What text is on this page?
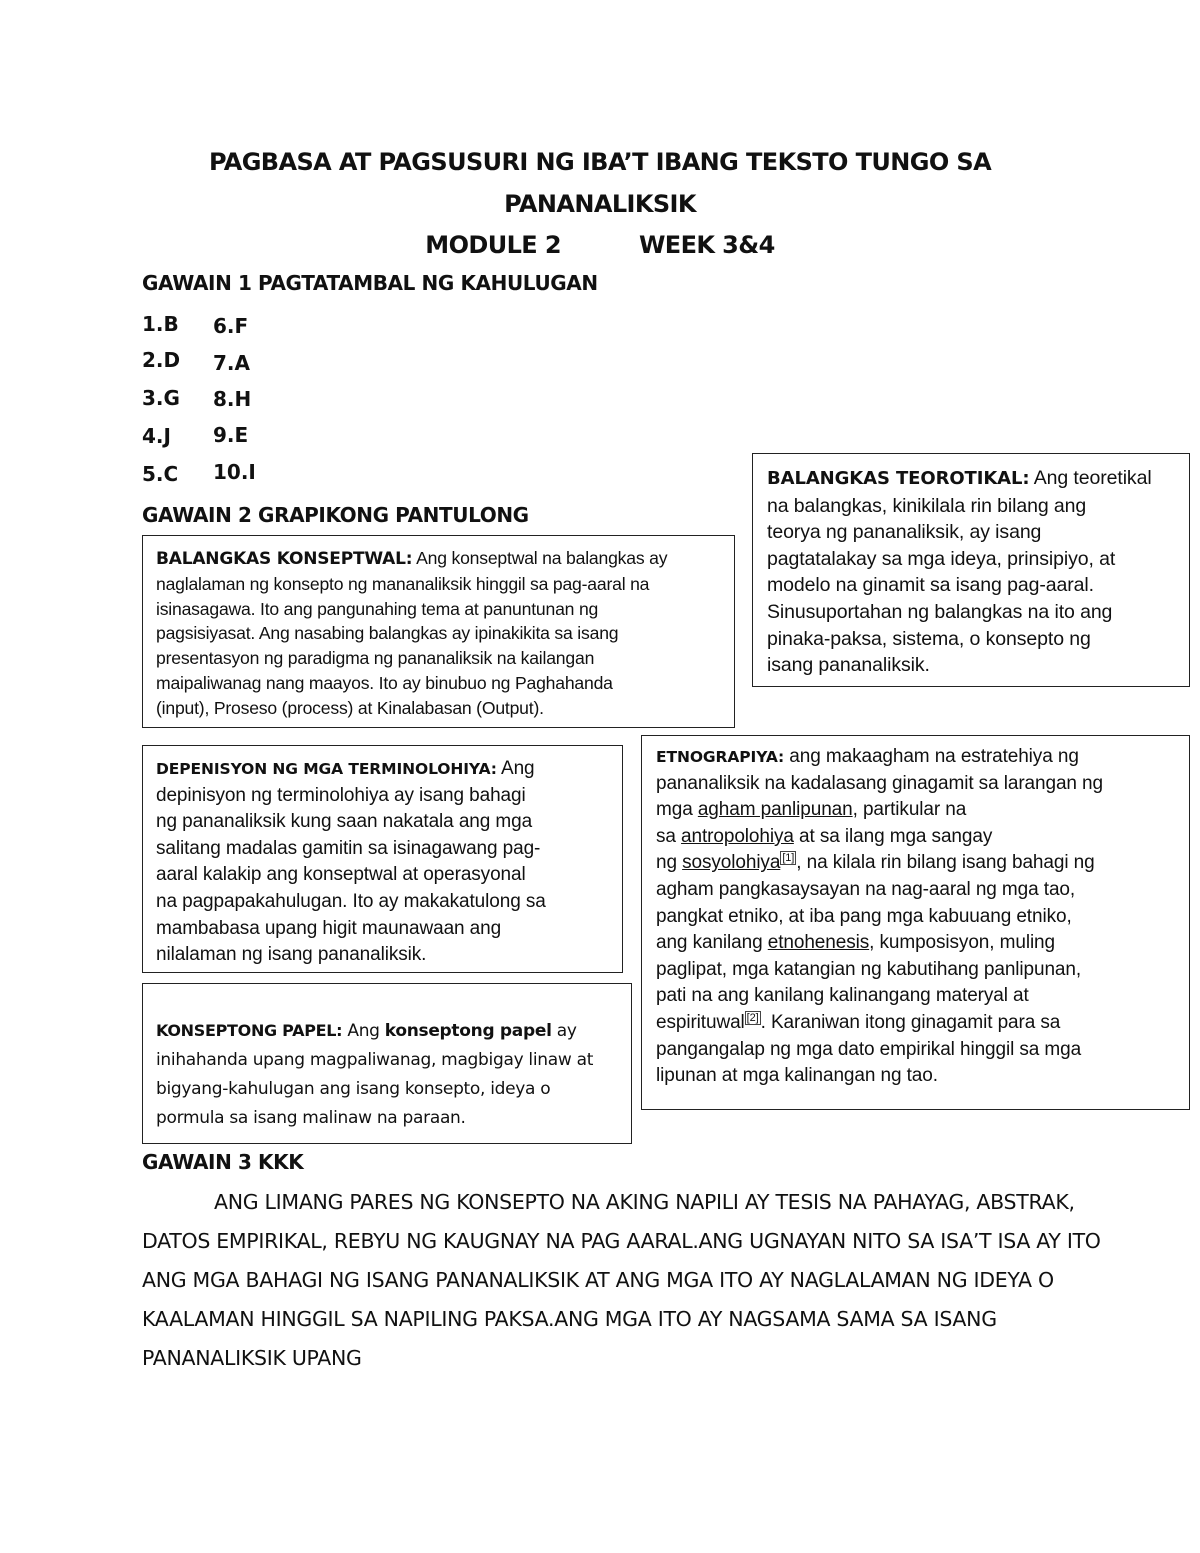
PAGBASA AT PAGSUSURI NG IBA’T IBANG TEKSTO TUNGO SA
PANANALIKSIK
MODULE 2	WEEK 3&4
GAWAIN 1 PAGTATAMBAL NG KAHULUGAN
1.B
2.D
3.G
4.J
5.C
6.F
7.A
8.H
9.E
10.I
GAWAIN 2 GRAPIKONG PANTULONG
BALANGKAS KONSEPTWAL: Ang konseptwal na balangkas ay
naglalaman ng konsepto ng mananaliksik hinggil sa pag-aaral na
isinasagawa. Ito ang pangunahing tema at panuntunan ng
pagsisiyasat. Ang nasabing balangkas ay ipinakikita sa isang
presentasyon ng paradigma ng pananaliksik na kailangan
maipaliwanag nang maayos. Ito ay binubuo ng Paghahanda
(input), Proseso (process) at Kinalabasan (Output).
BALANGKAS TEOROTIKAL: Ang teoretikal
na balangkas, kinikilala rin bilang ang
teorya ng pananaliksik, ay isang
pagtatalakay sa mga ideya, prinsipiyo, at
modelo na ginamit sa isang pag-aaral.
Sinusuportahan ng balangkas na ito ang
pinaka-paksa, sistema, o konsepto ng
isang pananaliksik.
DEPENISYON NG MGA TERMINOLOHIYA: Ang
depinisyon ng terminolohiya ay isang bahagi
ng pananaliksik kung saan nakatala ang mga
salitang madalas gamitin sa isinagawang pag-
aaral kalakip ang konseptwal at operasyonal
na pagpapakahulugan. Ito ay makakatulong sa
mambabasa upang higit maunawaan ang
nilalaman ng isang pananaliksik.
ETNOGRAPIYA: ang makaagham na estratehiya ng
pananaliksik na kadalasang ginagamit sa larangan ng
mga agham panlipunan, partikular na
sa antropolohiya at sa ilang mga sangay
ng sosyolohiya [1] , na kilala rin bilang isang bahagi ng
agham pangkasaysayan na nag-aaral ng mga tao,
pangkat etniko, at iba pang mga kabuuang etniko,
ang kanilang etnohenesis, kumposisyon, muling
paglipat, mga katangian ng kabutihang panlipunan,
pati na ang kanilang kalinangang materyal at
espirituwal [2] . Karaniwan itong ginagamit para sa
pangangalap ng mga dato empirikal hinggil sa mga
lipunan at mga kalinangan ng tao.
KONSEPTONG PAPEL: Ang konseptong papel ay
inihahanda upang magpaliwanag, magbigay linaw at
bigyang-kahulugan ang isang konsepto, ideya o
pormula sa isang malinaw na paraan.
GAWAIN 3 KKK
ANG LIMANG PARES NG KONSEPTO NA AKING NAPILI AY TESIS NA PAHAYAG, ABSTRAK, DATOS EMPIRIKAL, REBYU NG KAUGNAY NA PAG AARAL.ANG UGNAYAN NITO SA ISA’T ISA AY ITO ANG MGA BAHAGI NG ISANG PANANALIKSIK AT ANG MGA ITO AY NAGLALAMAN NG IDEYA O KAALAMAN HINGGIL SA NAPILING PAKSA.ANG MGA ITO AY NAGSAMA SAMA SA ISANG PANANALIKSIK UPANG
